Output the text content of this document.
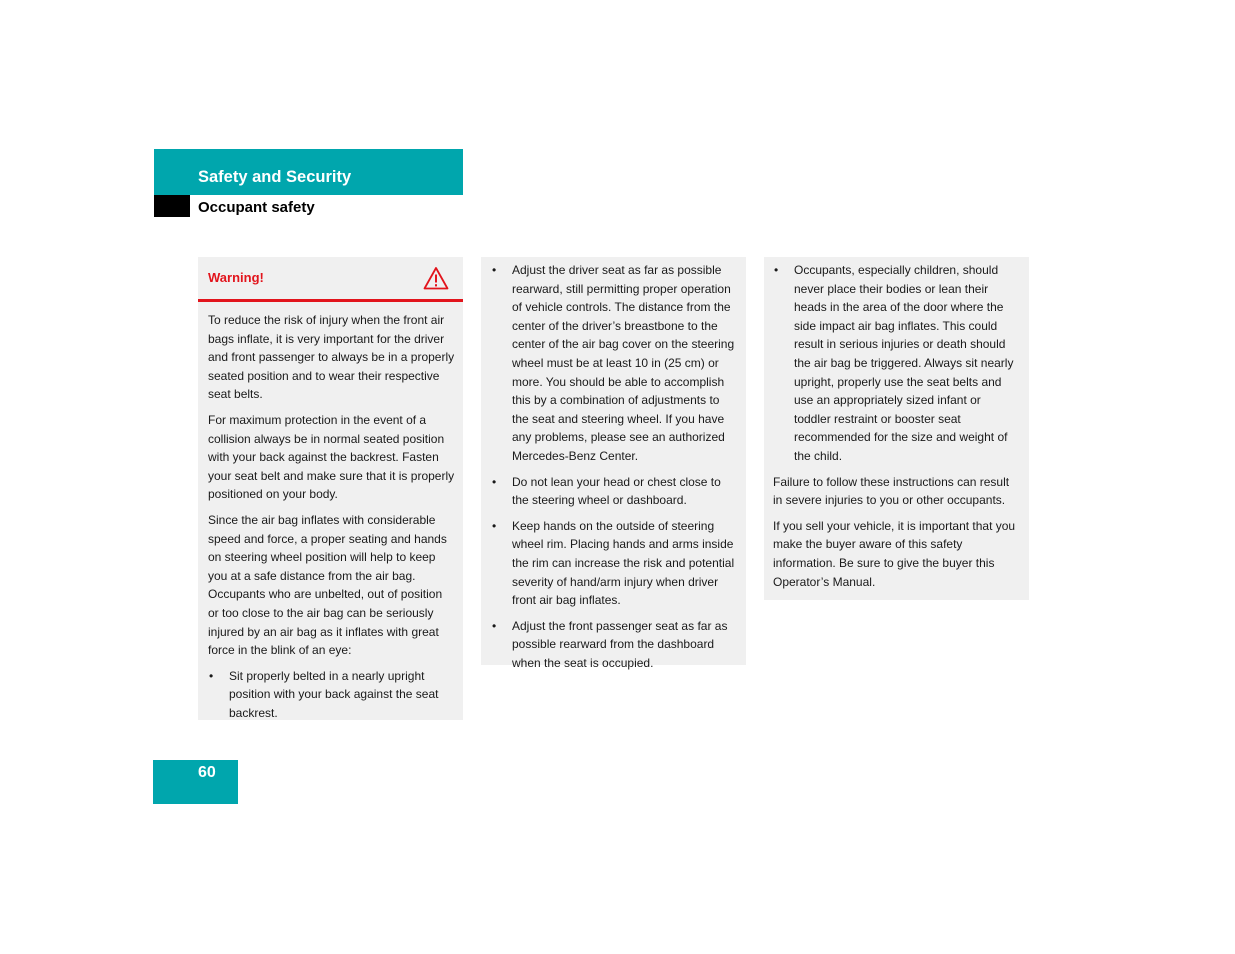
Safety and Security
Occupant safety
Warning!

To reduce the risk of injury when the front air bags inflate, it is very important for the driver and front passenger to always be in a properly seated position and to wear their respective seat belts.

For maximum protection in the event of a collision always be in normal seated position with your back against the backrest. Fasten your seat belt and make sure that it is properly positioned on your body.

Since the air bag inflates with considerable speed and force, a proper seating and hands on steering wheel position will help to keep you at a safe distance from the air bag. Occupants who are unbelted, out of position or too close to the air bag can be seriously injured by an air bag as it inflates with great force in the blink of an eye:

• Sit properly belted in a nearly upright position with your back against the seat backrest.
• Adjust the driver seat as far as possible rearward, still permitting proper operation of vehicle controls. The distance from the center of the driver’s breastbone to the center of the air bag cover on the steering wheel must be at least 10 in (25 cm) or more. You should be able to accomplish this by a combination of adjustments to the seat and steering wheel. If you have any problems, please see an authorized Mercedes-Benz Center.
• Do not lean your head or chest close to the steering wheel or dashboard.
• Keep hands on the outside of steering wheel rim. Placing hands and arms inside the rim can increase the risk and potential severity of hand/arm injury when driver front air bag inflates.
• Adjust the front passenger seat as far as possible rearward from the dashboard when the seat is occupied.
• Occupants, especially children, should never place their bodies or lean their heads in the area of the door where the side impact air bag inflates. This could result in serious injuries or death should the air bag be triggered. Always sit nearly upright, properly use the seat belts and use an appropriately sized infant or toddler restraint or booster seat recommended for the size and weight of the child.

Failure to follow these instructions can result in severe injuries to you or other occupants.

If you sell your vehicle, it is important that you make the buyer aware of this safety information. Be sure to give the buyer this Operator’s Manual.

60
